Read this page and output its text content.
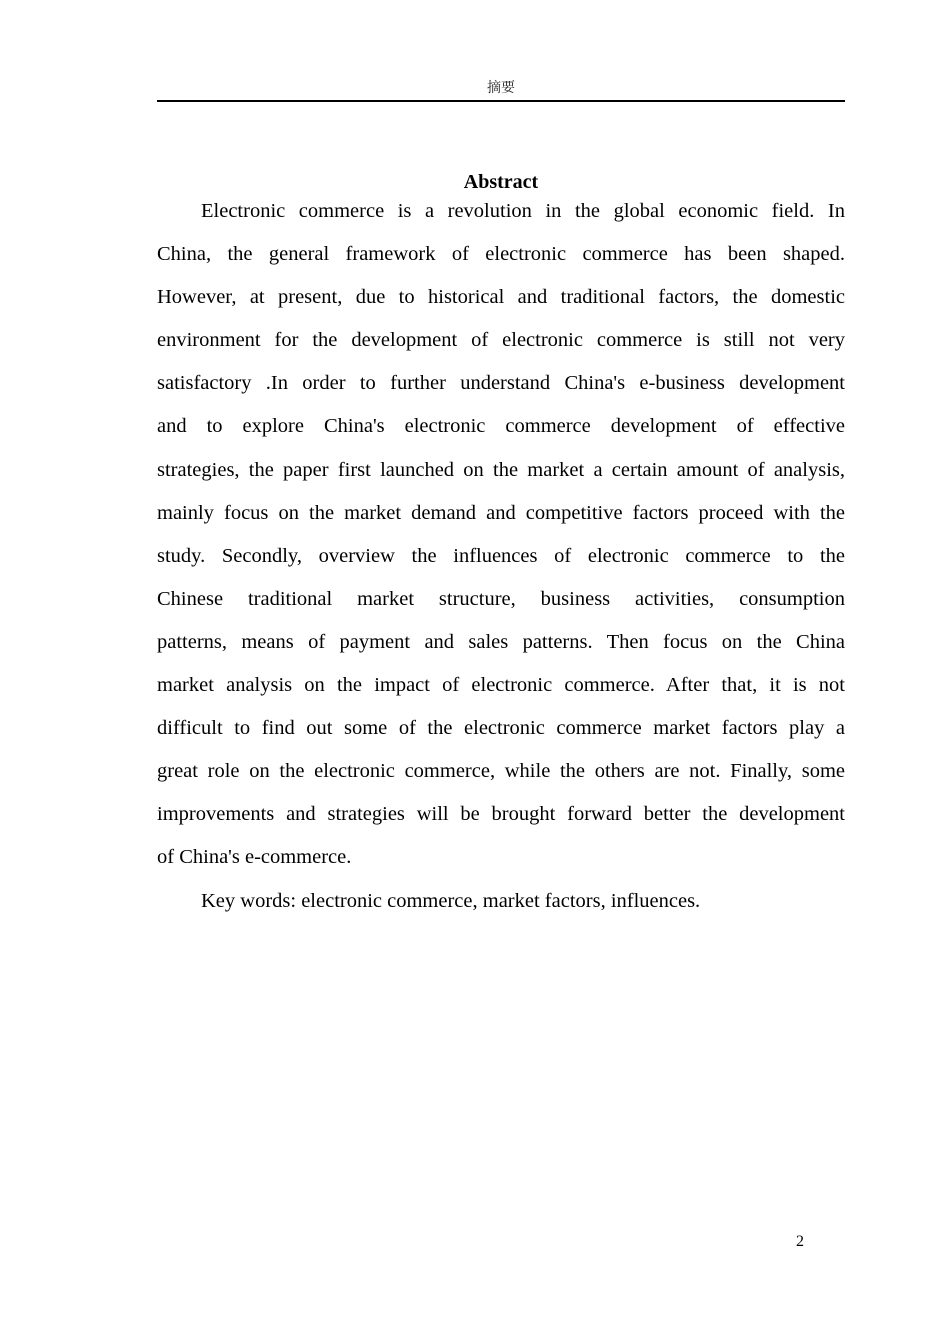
摘要
Abstract
Electronic commerce is a revolution in the global economic field. In
China, the general framework of electronic commerce has been shaped.
However, at present, due to historical and traditional factors, the domestic
environment for the development of electronic commerce is still not very
satisfactory .In order to further understand China's e-business development
and to explore China's electronic commerce development of effective
strategies, the paper first launched on the market a certain amount of analysis,
mainly focus on the market demand and competitive factors proceed with the
study. Secondly, overview the influences of electronic commerce to the
Chinese traditional market structure, business activities, consumption
patterns, means of payment and sales patterns. Then focus on the China
market analysis on the impact of electronic commerce. After that, it is not
difficult to find out some of the electronic commerce market factors play a
great role on the electronic commerce, while the others are not. Finally, some
improvements and strategies will be brought forward better the development
of China's e-commerce.
Key words: electronic commerce, market factors, influences.
2
